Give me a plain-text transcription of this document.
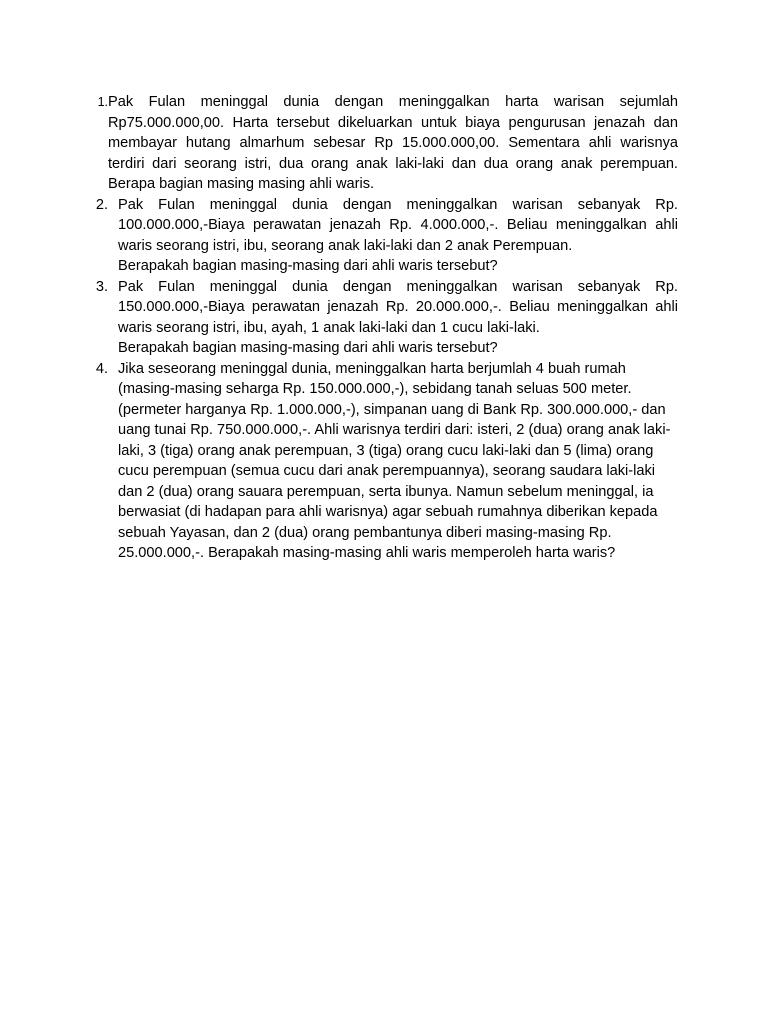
1. Pak Fulan meninggal dunia dengan meninggalkan harta warisan sejumlah Rp75.000.000,00. Harta tersebut dikeluarkan untuk biaya pengurusan jenazah dan membayar hutang almarhum sebesar Rp 15.000.000,00. Sementara ahli warisnya terdiri dari seorang istri, dua orang anak laki-laki dan dua orang anak perempuan. Berapa bagian masing masing ahli waris.

2. Pak Fulan meninggal dunia dengan meninggalkan warisan sebanyak Rp. 100.000.000,-Biaya perawatan jenazah Rp. 4.000.000,-. Beliau meninggalkan ahli waris seorang istri, ibu, seorang anak laki-laki dan 2 anak Perempuan.

Berapakah bagian masing-masing dari ahli waris tersebut?

3. Pak Fulan meninggal dunia dengan meninggalkan warisan sebanyak Rp. 150.000.000,-Biaya perawatan jenazah Rp. 20.000.000,-. Beliau meninggalkan ahli waris seorang istri, ibu, ayah, 1 anak laki-laki dan 1 cucu laki-laki.

Berapakah bagian masing-masing dari ahli waris tersebut?

4. Jika seseorang meninggal dunia, meninggalkan harta berjumlah 4 buah rumah (masing-masing seharga Rp. 150.000.000,-), sebidang tanah seluas 500 meter. (permeter harganya Rp. 1.000.000,-), simpanan uang di Bank Rp. 300.000.000,- dan uang tunai Rp. 750.000.000,-. Ahli warisnya terdiri dari: isteri, 2 (dua) orang anak laki-laki, 3 (tiga) orang anak perempuan, 3 (tiga) orang cucu laki-laki dan 5 (lima) orang cucu perempuan (semua cucu dari anak perempuannya), seorang saudara laki-laki dan 2 (dua) orang sauara perempuan, serta ibunya. Namun sebelum meninggal, ia berwasiat (di hadapan para ahli warisnya) agar sebuah rumahnya diberikan kepada sebuah Yayasan, dan 2 (dua) orang pembantunya diberi masing-masing Rp. 25.000.000,-. Berapakah masing-masing ahli waris memperoleh harta waris?
